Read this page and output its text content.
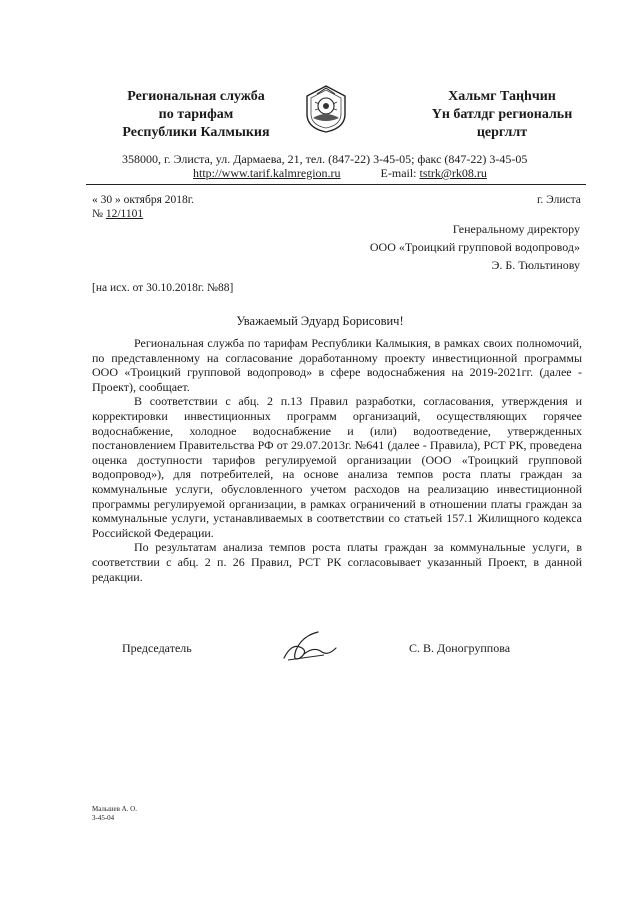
Региональная служба
по тарифам
Республики Калмыкия
Хальмг Таңһчин
Үн батлдг региональн
цергллт
358000, г. Элиста, ул. Дармаева, 21, тел. (847-22) 3-45-05; факс (847-22) 3-45-05
http://www.tarif.kalmregion.ru	E-mail: tstrk@rk08.ru
« 30 » октября 2018г.
№ 12/1101
г. Элиста
Генеральному директору
ООО «Троицкий групповой водопровод»
Э. Б. Тюльтинову
[на исх. от 30.10.2018г. №88]
Уважаемый Эдуард Борисович!

Региональная служба по тарифам Республики Калмыкия, в рамках своих полномочий, по представленному на согласование доработанному проекту инвестиционной программы ООО «Троицкий групповой водопровод» в сфере водоснабжения на 2019-2021гг. (далее - Проект), сообщает.

В соответствии с абц. 2 п.13 Правил разработки, согласования, утверждения и корректировки инвестиционных программ организаций, осуществляющих горячее водоснабжение, холодное водоснабжение и (или) водоотведение, утвержденных постановлением Правительства РФ от 29.07.2013г. №641 (далее - Правила), РСТ РК, проведена оценка доступности тарифов регулируемой организации (ООО «Троицкий групповой водопровод»), для потребителей, на основе анализа темпов роста платы граждан за коммунальные услуги, обусловленного учетом расходов на реализацию инвестиционной программы регулируемой организации, в рамках ограничений в отношении платы граждан за коммунальные услуги, устанавливаемых в соответствии со статьей 157.1 Жилищного кодекса Российской Федерации.

По результатам анализа темпов роста платы граждан за коммунальные услуги, в соответствии с абц. 2 п. 26 Правил, РСТ РК согласовывает указанный Проект, в данной редакции.

Председатель	С. В. Доногруппова
Мальшев А. О.
3-45-04
